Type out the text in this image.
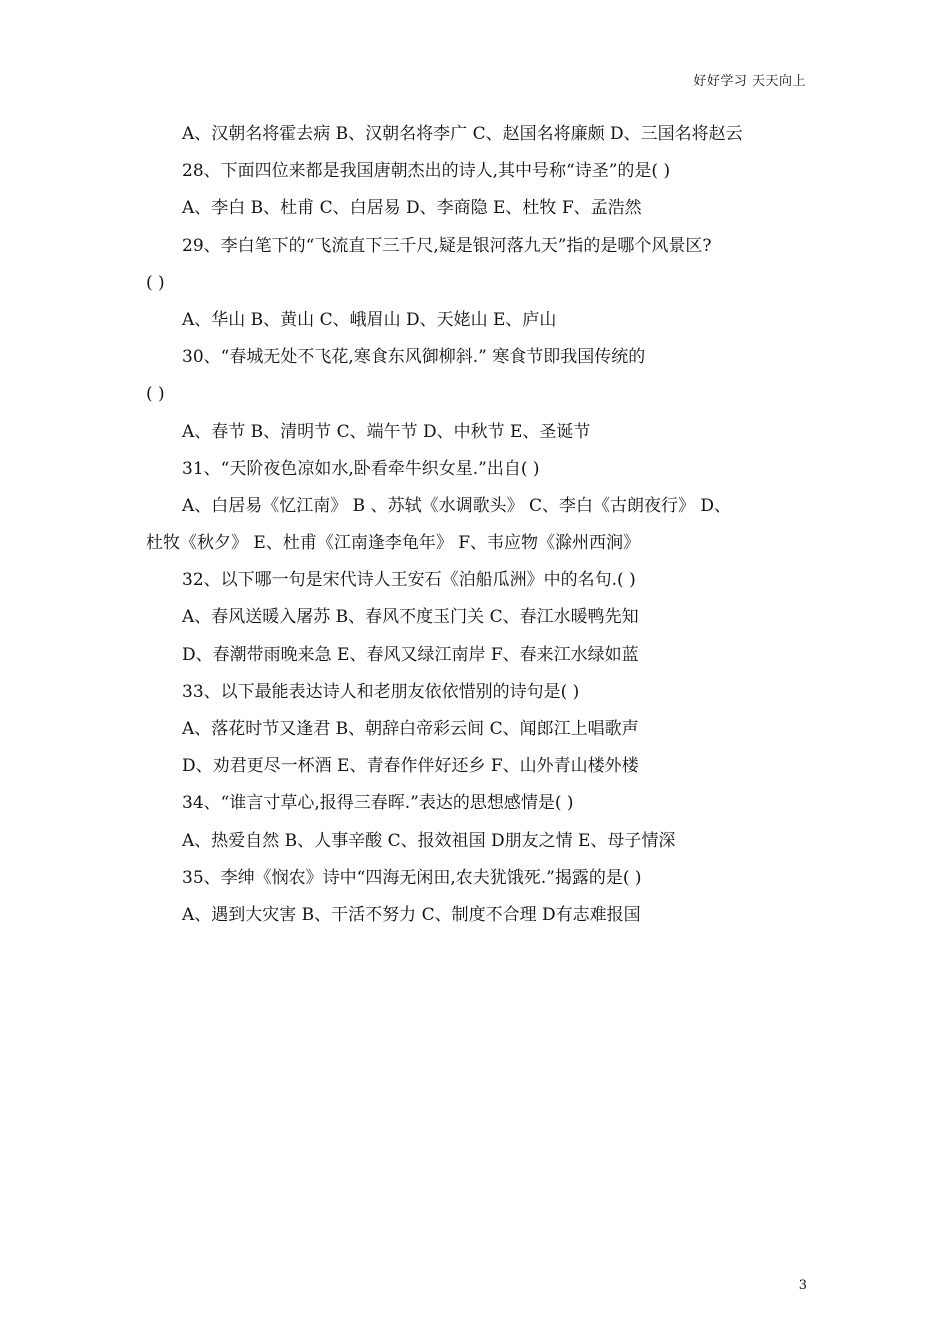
好好学习 天天向上
A、汉朝名将霍去病 B、汉朝名将李广 C、赵国名将廉颇 D、三国名将赵云
28、下面四位来都是我国唐朝杰出的诗人,其中号称“诗圣”的是( )
A、李白 B、杜甫 C、白居易 D、李商隐 E、杜牧 F、孟浩然
29、李白笔下的“飞流直下三千尺,疑是银河落九天”指的是哪个风景区?
( )
A、华山 B、黄山 C、峨眉山 D、天姥山 E、庐山
30、“春城无处不飞花,寒食东风御柳斜.” 寒食节即我国传统的
( )
A、春节 B、清明节 C、端午节 D、中秋节 E、圣诞节
31、“天阶夜色凉如水,卧看牵牛织女星.”出自( )
A、白居易《忆江南》 B 、苏轼《水调歌头》 C、李白《古朗夜行》 D、
杜牧《秋夕》 E、杜甫《江南逢李龟年》 F、韦应物《滁州西涧》
32、以下哪一句是宋代诗人王安石《泊船瓜洲》中的名句.( )
A、春风送暖入屠苏 B、春风不度玉门关 C、春江水暖鸭先知
D、春潮带雨晚来急 E、春风又绿江南岸 F、春来江水绿如蓝
33、以下最能表达诗人和老朋友依依惜别的诗句是( )
A、落花时节又逢君 B、朝辞白帝彩云间 C、闻郎江上唱歌声
D、劝君更尽一杯酒 E、青春作伴好还乡 F、山外青山楼外楼
34、“谁言寸草心,报得三春晖.”表达的思想感情是( )
A、热爱自然 B、人事辛酸 C、报效祖国 D朋友之情 E、母子情深
35、李绅《悯农》诗中“四海无闲田,农夫犹饿死.”揭露的是( )
A、遇到大灾害 B、干活不努力 C、制度不合理 D有志难报国
3
